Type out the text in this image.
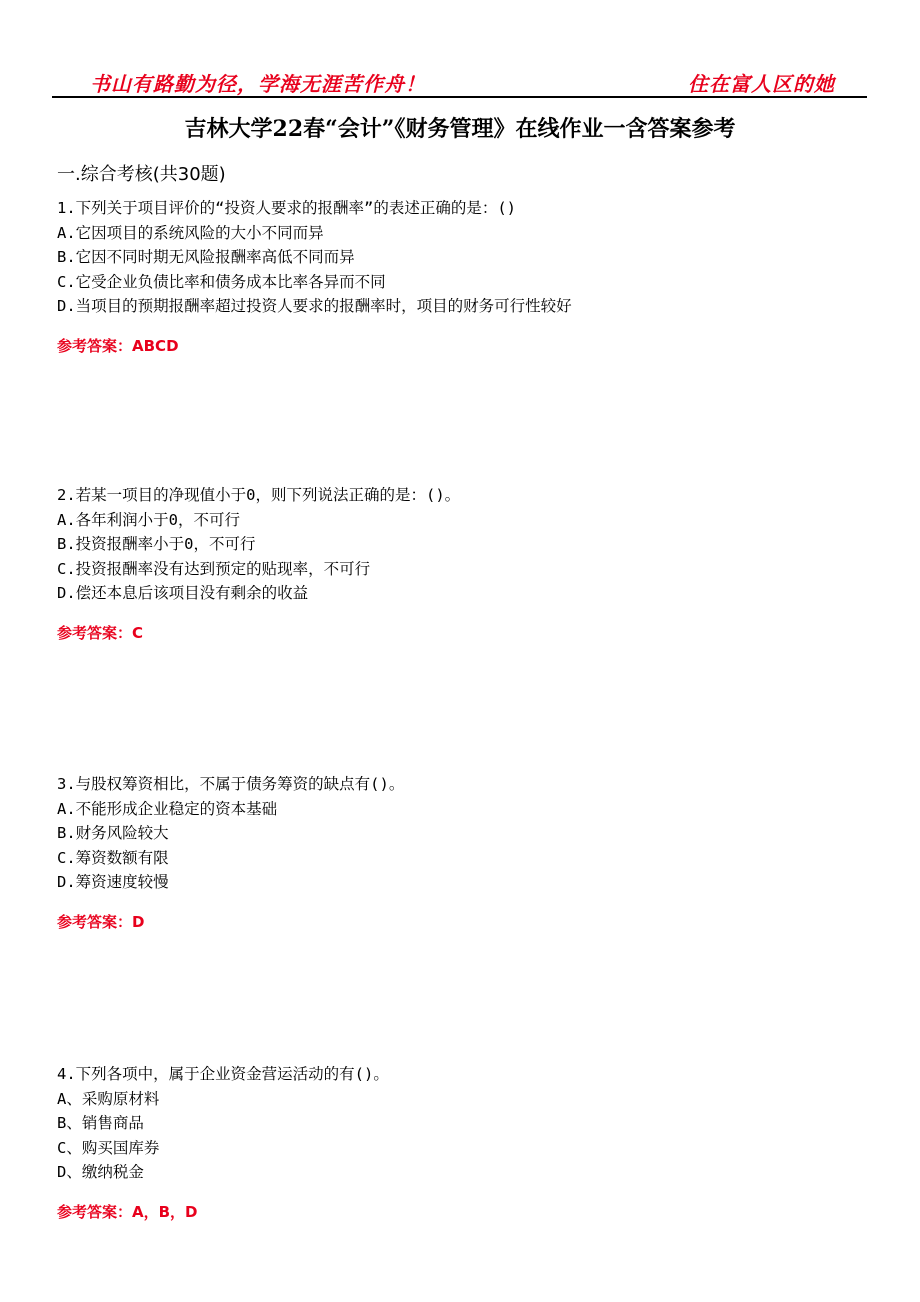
书山有路勤为径，学海无涯苦作舟！	住在富人区的她
吉林大学22春“会计”《财务管理》在线作业一含答案参考
一.综合考核(共30题)
1.下列关于项目评价的“投资人要求的报酬率”的表述正确的是：()
A.它因项目的系统风险的大小不同而异
B.它因不同时期无风险报酬率高低不同而异
C.它受企业负债比率和债务成本比率各异而不同
D.当项目的预期报酬率超过投资人要求的报酬率时，项目的财务可行性较好
参考答案：ABCD
2.若某一项目的净现值小于0，则下列说法正确的是：()。
A.各年利润小于0，不可行
B.投资报酬率小于0，不可行
C.投资报酬率没有达到预定的贴现率，不可行
D.偿还本息后该项目没有剩余的收益
参考答案：C
3.与股权筹资相比，不属于债务筹资的缺点有()。
A.不能形成企业稳定的资本基础
B.财务风险较大
C.筹资数额有限
D.筹资速度较慢
参考答案：D
4.下列各项中，属于企业资金营运活动的有()。
A、采购原材料
B、销售商品
C、购买国库券
D、缴纳税金
参考答案：A，B，D
